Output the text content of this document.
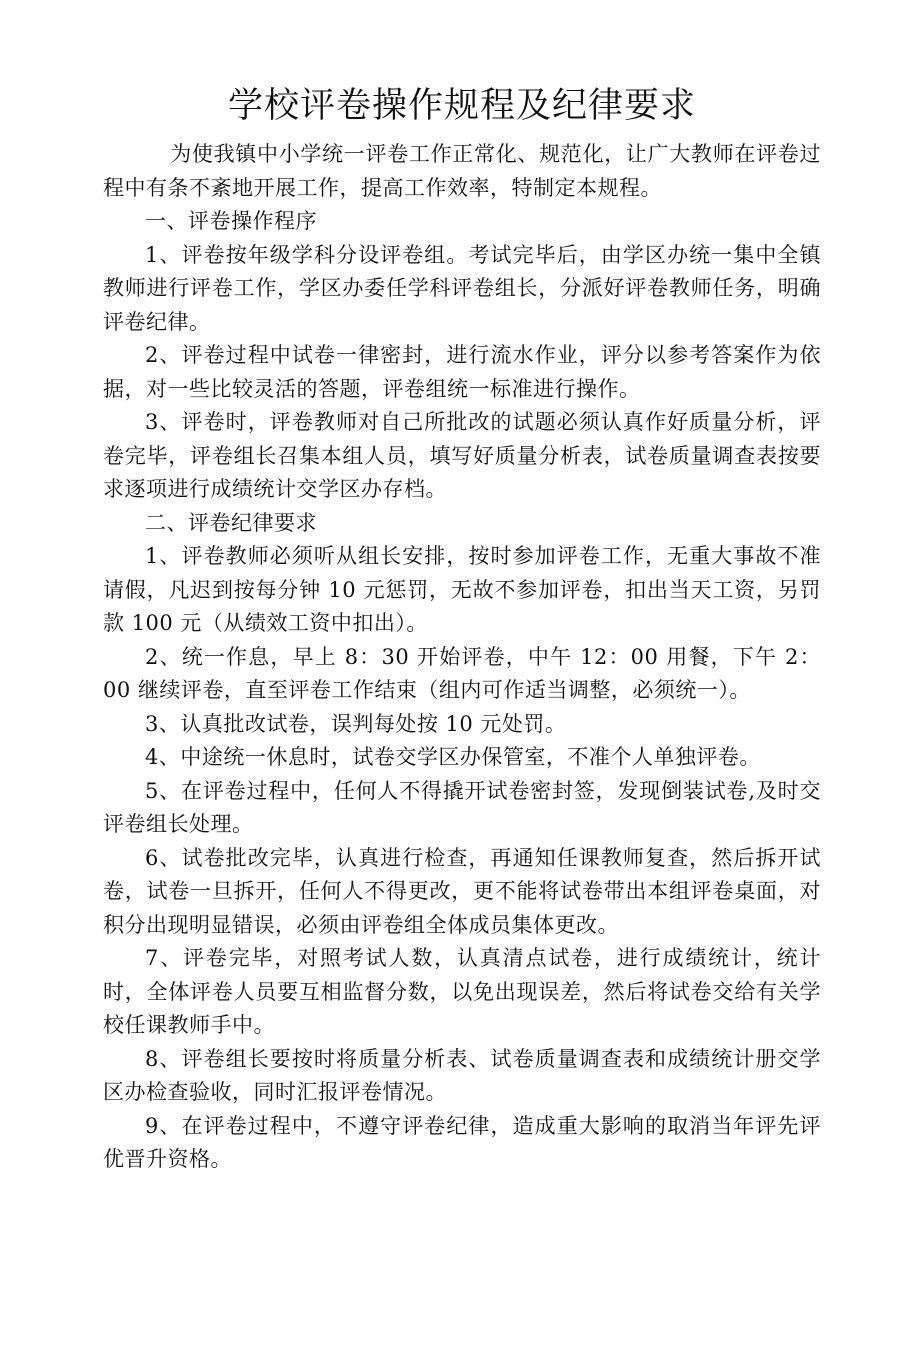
学校评卷操作规程及纪律要求

为使我镇中小学统一评卷工作正常化、规范化，让广大教师在评卷过程中有条不紊地开展工作，提高工作效率，特制定本规程。

一、评卷操作程序

1、评卷按年级学科分设评卷组。考试完毕后，由学区办统一集中全镇教师进行评卷工作，学区办委任学科评卷组长，分派好评卷教师任务，明确评卷纪律。

2、评卷过程中试卷一律密封，进行流水作业，评分以参考答案作为依据，对一些比较灵活的答题，评卷组统一标准进行操作。

3、评卷时，评卷教师对自己所批改的试题必须认真作好质量分析，评卷完毕，评卷组长召集本组人员，填写好质量分析表，试卷质量调查表按要求逐项进行成绩统计交学区办存档。

二、评卷纪律要求

1、评卷教师必须听从组长安排，按时参加评卷工作，无重大事故不准请假，凡迟到按每分钟 10 元惩罚，无故不参加评卷，扣出当天工资，另罚款 100 元（从绩效工资中扣出）。

2、统一作息，早上 8：30 开始评卷，中午 12：00 用餐，下午 2：00 继续评卷，直至评卷工作结束（组内可作适当调整，必须统一）。

3、认真批改试卷，误判每处按 10 元处罚。

4、中途统一休息时，试卷交学区办保管室，不准个人单独评卷。

5、在评卷过程中，任何人不得撬开试卷密封签，发现倒装试卷,及时交评卷组长处理。

6、试卷批改完毕，认真进行检查，再通知任课教师复查，然后拆开试卷，试卷一旦拆开，任何人不得更改，更不能将试卷带出本组评卷桌面，对积分出现明显错误，必须由评卷组全体成员集体更改。

7、评卷完毕，对照考试人数，认真清点试卷，进行成绩统计，统计时，全体评卷人员要互相监督分数，以免出现误差，然后将试卷交给有关学校任课教师手中。

8、评卷组长要按时将质量分析表、试卷质量调查表和成绩统计册交学区办检查验收，同时汇报评卷情况。

9、在评卷过程中，不遵守评卷纪律，造成重大影响的取消当年评先评优晋升资格。
